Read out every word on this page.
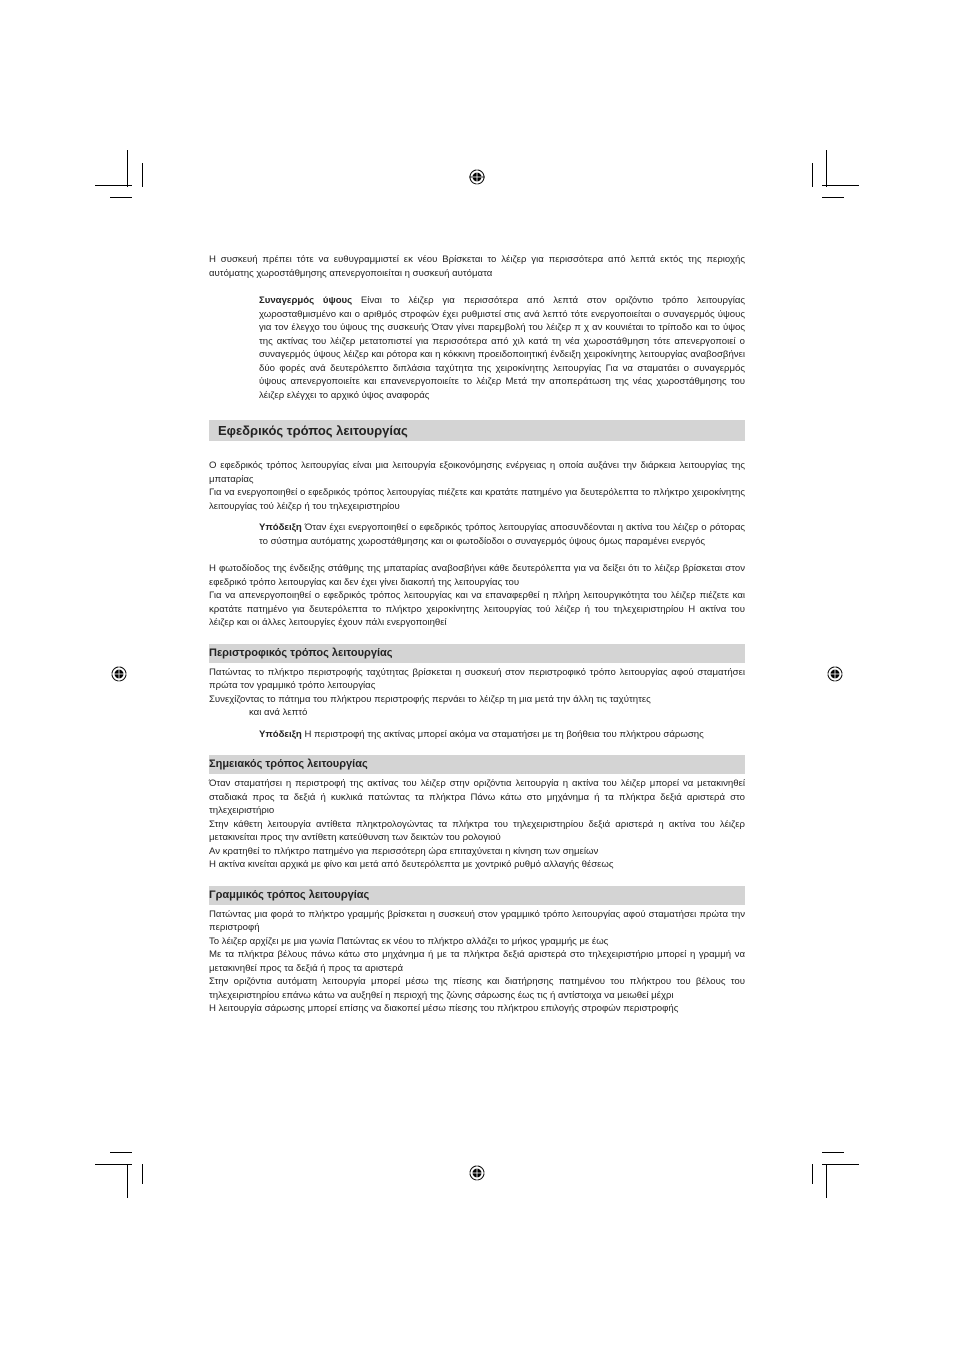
Η συσκευή πρέπει τότε να ευθυγραμμιστεί εκ νέου Βρίσκεται το λέιζερ για περισσότερα από λεπτά εκτός της περιοχής αυτόματης χωροστάθμησης απενεργοποιείται η συσκευή αυτόματα

Συναγερμός ύψους Είναι το λέιζερ για περισσότερα από λεπτά στον οριζόντιο τρόπο λειτουργίας χωροσταθμισμένο και ο αριθμός στροφών έχει ρυθμιστεί στις ανά λεπτό τότε ενεργοποιείται ο συναγερμός ύψους για τον έλεγχο του ύψους της συσκευής Όταν γίνει παρεμβολή του λέιζερ π χ αν κουνιέται το τρίποδο και το ύψος της ακτίνας του λέιζερ μετατοπιστεί για περισσότερα από χιλ κατά τη νέα χωροστάθμηση τότε απενεργοποιεί ο συναγερμός ύψους λέιζερ και ρότορα και η κόκκινη προειδοποιητική ένδειξη χειροκίνητης λειτουργίας αναβοσβήνει δύο φορές ανά δευτερόλεπτο διπλάσια ταχύτητα της χειροκίνητης λειτουργίας Για να σταματάει ο συναγερμός ύψους απενεργοποιείτε και επανενεργοποιείτε το λέιζερ Μετά την αποπεράτωση της νέας χωροστάθμησης του λέιζερ ελέγχει το αρχικό ύψος αναφοράς

Εφεδρικός τρόπος λειτουργίας

Ο εφεδρικός τρόπος λειτουργίας είναι μια λειτουργία εξοικονόμησης ενέργειας η οποία αυξάνει την διάρκεια λειτουργίας της μπαταρίας

Για να ενεργοποιηθεί ο εφεδρικός τρόπος λειτουργίας πιέζετε και κρατάτε πατημένο για δευτερόλεπτα το πλήκτρο χειροκίνητης λειτουργίας τού λέιζερ ή του τηλεχειριστηρίου

Υπόδειξη Όταν έχει ενεργοποιηθεί ο εφεδρικός τρόπος λειτουργίας αποσυνδέονται η ακτίνα του λέιζερ ο ρότορας το σύστημα αυτόματης χωροστάθμησης και οι φωτοδίοδοι ο συναγερμός ύψους όμως παραμένει ενεργός

Η φωτοδίοδος της ένδειξης στάθμης της μπαταρίας αναβοσβήνει κάθε δευτερόλεπτα για να δείξει ότι το λέιζερ βρίσκεται στον εφεδρικό τρόπο λειτουργίας και δεν έχει γίνει διακοπή της λειτουργίας του

Για να απενεργοποιηθεί ο εφεδρικός τρόπος λειτουργίας και να επαναφερθεί η πλήρη λειτουργικότητα του λέιζερ πιέζετε και κρατάτε πατημένο για δευτερόλεπτα το πλήκτρο χειροκίνητης λειτουργίας τού λέιζερ ή του τηλεχειριστηρίου Η ακτίνα του λέιζερ και οι άλλες λειτουργίες έχουν πάλι ενεργοποιηθεί

Περιστροφικός τρόπος λειτουργίας

Πατώντας το πλήκτρο περιστροφής ταχύτητας βρίσκεται η συσκευή στον περιστροφικό τρόπο λειτουργίας αφού σταματήσει πρώτα τον γραμμικό τρόπο λειτουργίας

Συνεχίζοντας το πάτημα του πλήκτρου περιστροφής περνάει το λέιζερ τη μια μετά την άλλη τις ταχύτητες

και ανά λεπτό

Υπόδειξη Η περιστροφή της ακτίνας μπορεί ακόμα να σταματήσει με τη βοήθεια του πλήκτρου σάρωσης

Σημειακός τρόπος λειτουργίας

Όταν σταματήσει η περιστροφή της ακτίνας του λέιζερ στην οριζόντια λειτουργία η ακτίνα του λέιζερ μπορεί να μετακινηθεί σταδιακά προς τα δεξιά ή κυκλικά πατώντας τα πλήκτρα Πάνω κάτω στο μηχάνημα ή τα πλήκτρα δεξιά αριστερά στο τηλεχειριστήριο

Στην κάθετη λειτουργία αντίθετα πληκτρολογώντας τα πλήκτρα του τηλεχειριστηρίου δεξιά αριστερά η ακτίνα του λέιζερ μετακινείται προς την αντίθετη κατεύθυνση των δεικτών του ρολογιού

Αν κρατηθεί το πλήκτρο πατημένο για περισσότερη ώρα επιταχύνεται η κίνηση των σημείων

Η ακτίνα κινείται αρχικά με φίνο και μετά από δευτερόλεπτα με χοντρικό ρυθμό αλλαγής θέσεως

Γραμμικός τρόπος λειτουργίας

Πατώντας μια φορά το πλήκτρο γραμμής βρίσκεται η συσκευή στον γραμμικό τρόπο λειτουργίας αφού σταματήσει πρώτα την περιστροφή

Το λέιζερ αρχίζει με μια γωνία Πατώντας εκ νέου το πλήκτρο αλλάζει το μήκος γραμμής με έως

Με τα πλήκτρα βέλους πάνω κάτω στο μηχάνημα ή με τα πλήκτρα δεξιά αριστερά στο τηλεχειριστήριο μπορεί η γραμμή να μετακινηθεί προς τα δεξιά ή προς τα αριστερά

Στην οριζόντια αυτόματη λειτουργία μπορεί μέσω της πίεσης και διατήρησης πατημένου του πλήκτρου του βέλους του τηλεχειριστηρίου επάνω κάτω να αυξηθεί η περιοχή της ζώνης σάρωσης έως τις ή αντίστοιχα να μειωθεί μέχρι

Η λειτουργία σάρωσης μπορεί επίσης να διακοπεί μέσω πίεσης του πλήκτρου επιλογής στροφών περιστροφής
